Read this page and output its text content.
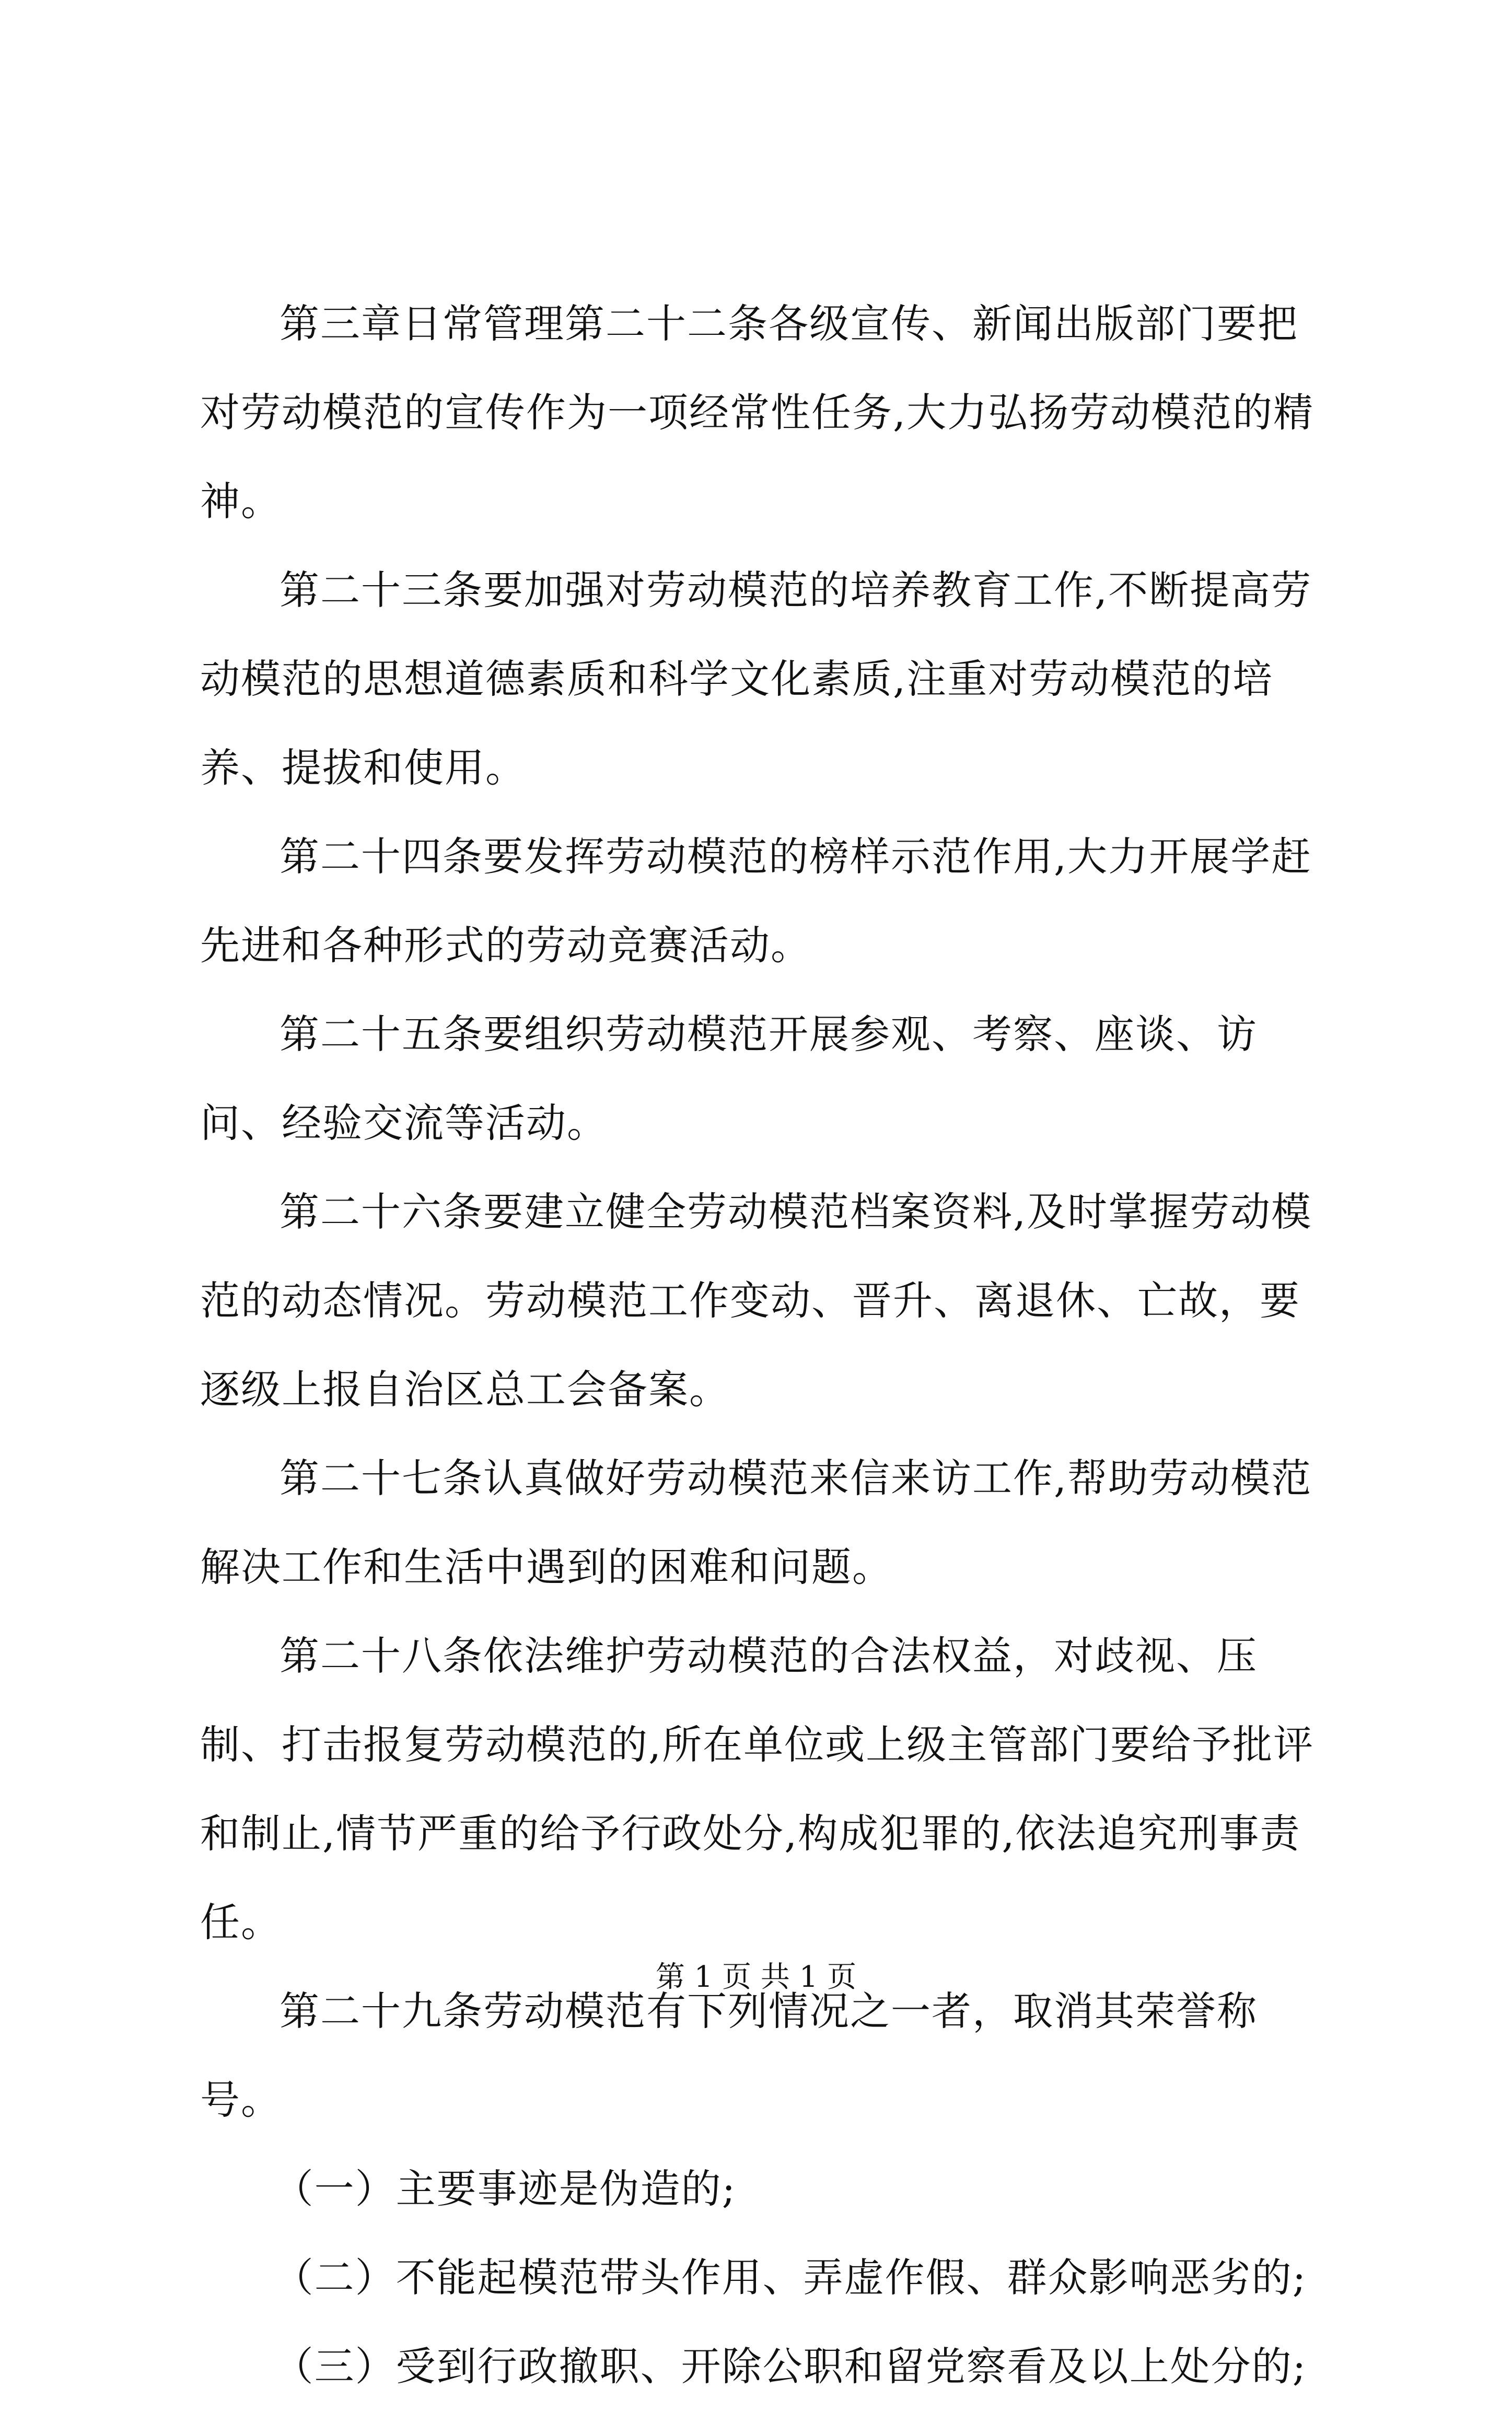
第三章日常管理第二十二条各级宣传、新闻出版部门要把对劳动模范的宣传作为一项经常性任务,大力弘扬劳动模范的精神。

第二十三条要加强对劳动模范的培养教育工作,不断提高劳动模范的思想道德素质和科学文化素质,注重对劳动模范的培养、提拔和使用。

第二十四条要发挥劳动模范的榜样示范作用,大力开展学赶先进和各种形式的劳动竞赛活动。

第二十五条要组织劳动模范开展参观、考察、座谈、访问、经验交流等活动。

第二十六条要建立健全劳动模范档案资料,及时掌握劳动模范的动态情况。劳动模范工作变动、晋升、离退休、亡故，要逐级上报自治区总工会备案。

第二十七条认真做好劳动模范来信来访工作,帮助劳动模范解决工作和生活中遇到的困难和问题。

第二十八条依法维护劳动模范的合法权益，对歧视、压制、打击报复劳动模范的,所在单位或上级主管部门要给予批评和制止,情节严重的给予行政处分,构成犯罪的,依法追究刑事责任。

第二十九条劳动模范有下列情况之一者，取消其荣誉称号。

（一）主要事迹是伪造的;

（二）不能起模范带头作用、弄虚作假、群众影响恶劣的;

（三）受到行政撤职、开除公职和留党察看及以上处分的;

第 1 页 共 1 页
